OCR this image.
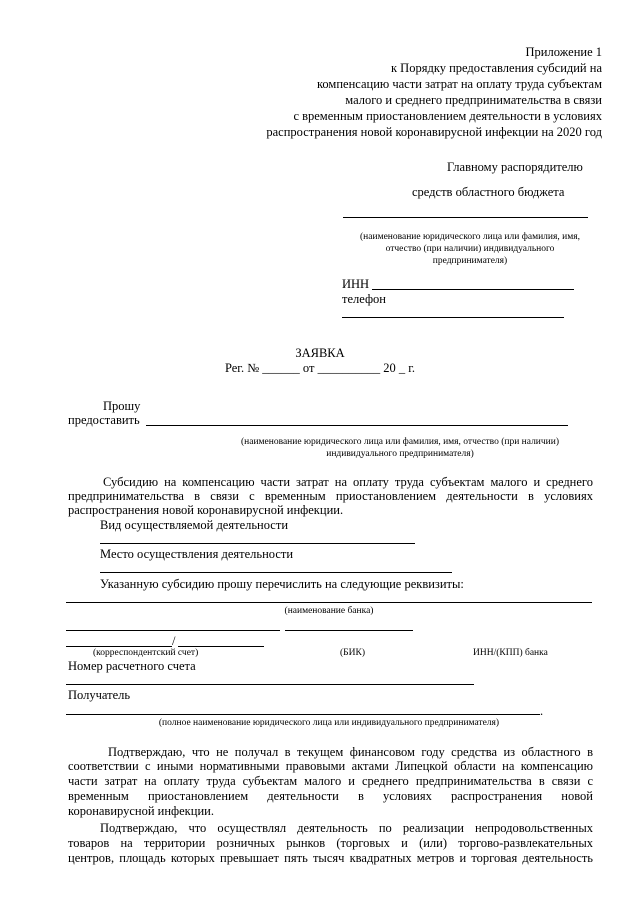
Приложение 1
к Порядку предоставления субсидий на
компенсацию части затрат на оплату труда субъектам
малого и среднего предпринимательства в связи
с временным приостановлением деятельности в условиях
распространения новой коронавирусной инфекции на 2020 год
Главному распорядителю
средств областного бюджета
(наименование юридического лица или фамилия, имя,
отчество (при наличии) индивидуального
предпринимателя)
ИНН
телефон
ЗАЯВКА
Рег. № ______ от __________ 20 _ г.
Прошу
предоставить
(наименование юридического лица или фамилия, имя, отчество (при наличии)
индивидуального предпринимателя)
Субсидию на компенсацию части затрат на оплату труда субъектам малого и среднего
предпринимательства в связи с временным приостановлением деятельности в условиях
распространения новой коронавирусной инфекции.
Вид осуществляемой деятельности
Место осуществления деятельности
Указанную субсидию прошу перечислить на следующие реквизиты:
(наименование банка)
/
(корреспондентский счет)	(БИК)	ИНН/(КПП) банка
Номер расчетного счета
Получатель
.
(полное наименование юридического лица или индивидуального предпринимателя)
Подтверждаю, что не получал в текущем финансовом году средства из областного в
соответствии с иными нормативными правовыми актами Липецкой области на компенсацию
части затрат на оплату труда субъектам малого и среднего предпринимательства в связи с
временным приостановлением деятельности в условиях распространения новой
коронавирусной инфекции.
Подтверждаю, что осуществлял деятельность по реализации непродовольственных
товаров на территории розничных рынков (торговых и (или) торгово-развлекательных
центров, площадь которых превышает пять тысяч квадратных метров и торговая деятельность
